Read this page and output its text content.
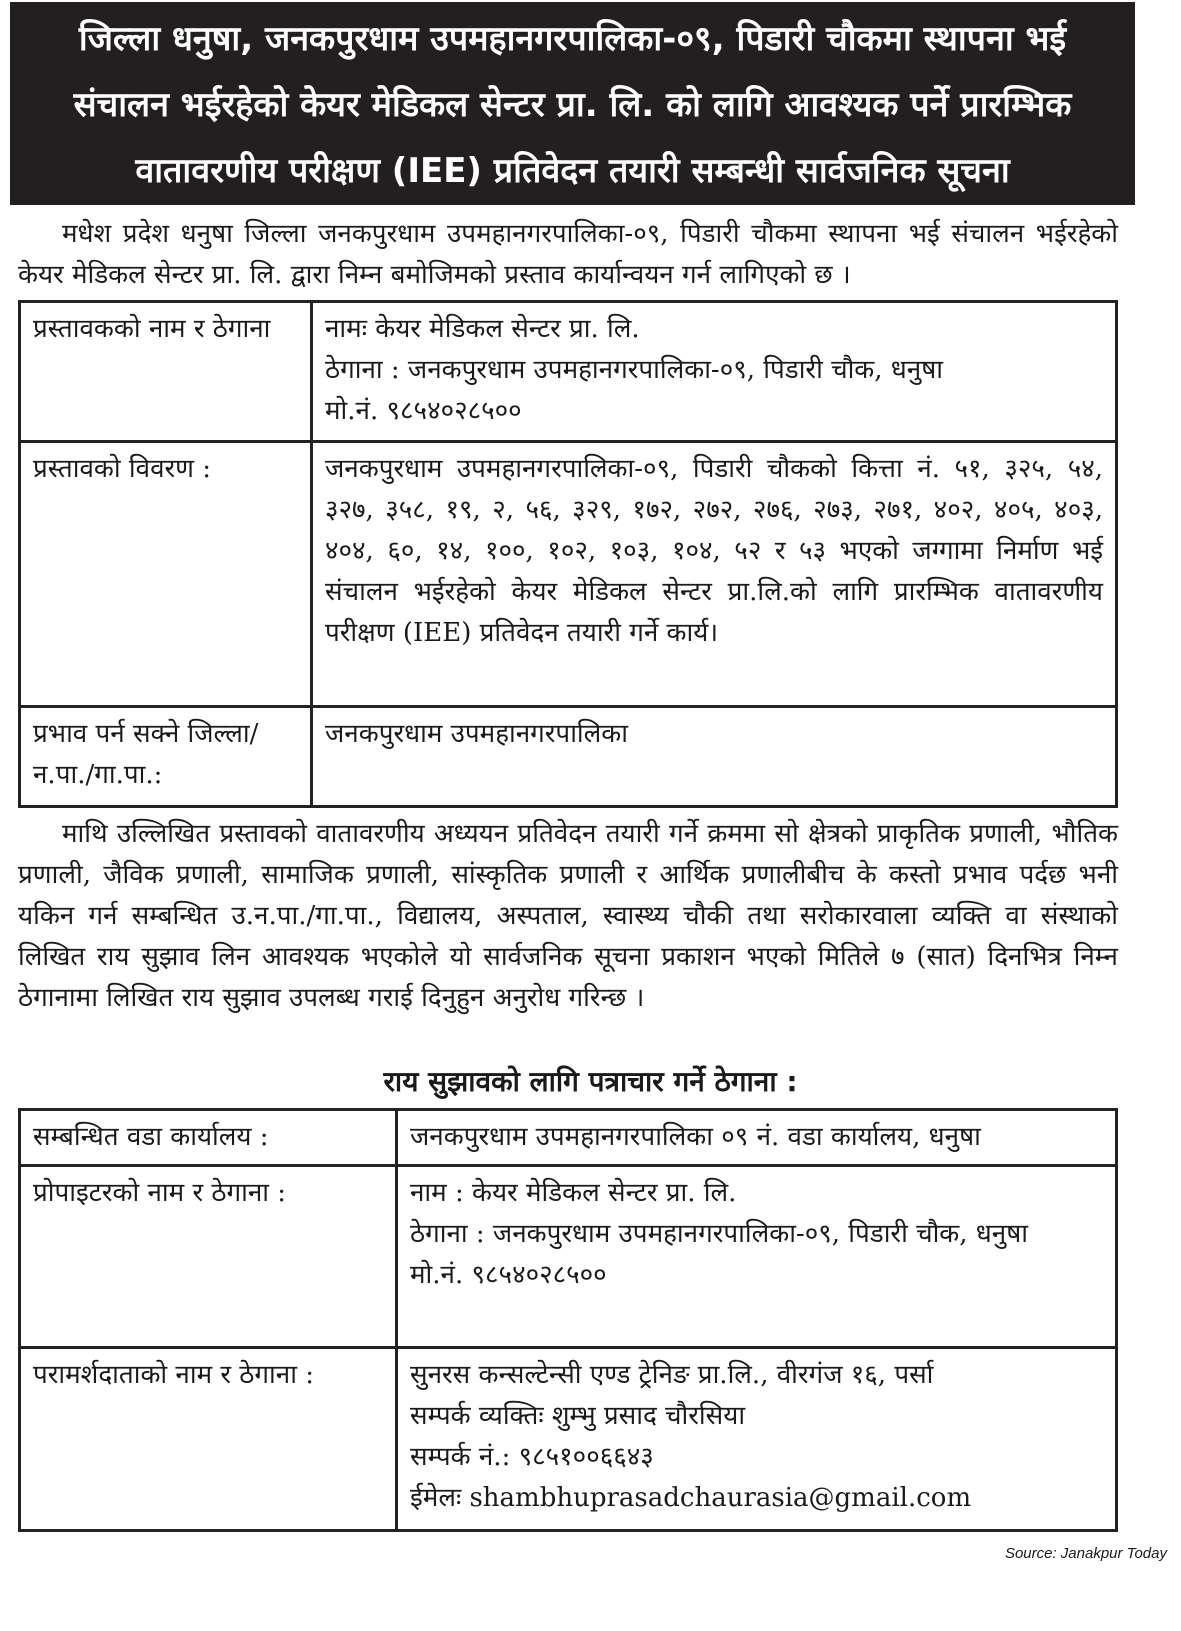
जिल्ला धनुषा, जनकपुरधाम उपमहानगरपालिका-०९, पिडारी चौकमा स्थापना भई
संचालन भईरहेको केयर मेडिकल सेन्टर प्रा. लि. को लागि आवश्यक पर्ने प्रारम्भिक
वातावरणीय परीक्षण (IEE) प्रतिवेदन तयारी सम्बन्धी सार्वजनिक सूचना
मधेश प्रदेश धनुषा जिल्ला जनकपुरधाम उपमहानगरपालिका-०९, पिडारी चौकमा स्थापना भई संचालन भईरहेको केयर मेडिकल सेन्टर प्रा. लि. द्वारा निम्न बमोजिमको प्रस्ताव कार्यान्वयन गर्न लागिएको छ ।
प्रस्तावकको नाम र ठेगाना	नामः केयर मेडिकल सेन्टर प्रा. लि.
ठेगाना : जनकपुरधाम उपमहानगरपालिका-०९, पिडारी चौक, धनुषा
मो.नं. ९८५४०२८५००

प्रस्तावको विवरण :	जनकपुरधाम उपमहानगरपालिका-०९, पिडारी चौकको कित्ता नं. ५१, ३२५, ५४, ३२७, ३५८, १९, २, ५६, ३२९, १७२, २७२, २७६, २७३, २७१, ४०२, ४०५, ४०३, ४०४, ६०, १४, १००, १०२, १०३, १०४, ५२ र ५३ भएको जग्गामा निर्माण भई संचालन भईरहेको केयर मेडिकल सेन्टर प्रा.लि.को लागि प्रारम्भिक वातावरणीय परीक्षण (IEE) प्रतिवेदन तयारी गर्ने कार्य।
प्रभाव पर्न सक्ने जिल्ला/न.पा./गा.पा.:	जनकपुरधाम उपमहानगरपालिका
माथि उल्लिखित प्रस्तावको वातावरणीय अध्ययन प्रतिवेदन तयारी गर्ने क्रममा सो क्षेत्रको प्राकृतिक प्रणाली, भौतिक प्रणाली, जैविक प्रणाली, सामाजिक प्रणाली, सांस्कृतिक प्रणाली र आर्थिक प्रणालीबीच के कस्तो प्रभाव पर्दछ भनी यकिन गर्न सम्बन्धित उ.न.पा./गा.पा., विद्यालय, अस्पताल, स्वास्थ्य चौकी तथा सरोकारवाला व्यक्ति वा संस्थाको लिखित राय सुझाव लिन आवश्यक भएकोले यो सार्वजनिक सूचना प्रकाशन भएको मितिले ७ (सात) दिनभित्र निम्न ठेगानामा लिखित राय सुझाव उपलब्ध गराई दिनुहुन अनुरोध गरिन्छ ।
राय सुझावको लागि पत्राचार गर्ने ठेगाना :
सम्बन्धित वडा कार्यालय :	जनकपुरधाम उपमहानगरपालिका ०९ नं. वडा कार्यालय, धनुषा
प्रोपाइटरको नाम र ठेगाना :	नाम : केयर मेडिकल सेन्टर प्रा. लि.
ठेगाना : जनकपुरधाम उपमहानगरपालिका-०९, पिडारी चौक, धनुषा
मो.नं. ९८५४०२८५००

परामर्शदाताको नाम र ठेगाना :	सुनरस कन्सल्टेन्सी एण्ड ट्रेनिङ प्रा.लि., वीरगंज १६, पर्सा
सम्पर्क व्यक्तिः शुम्भु प्रसाद चौरसिया
सम्पर्क नं.: ९८५१००६६४३
ईमेलः shambhuprasadchaurasia@gmail.com
Source: Janakpur Today
